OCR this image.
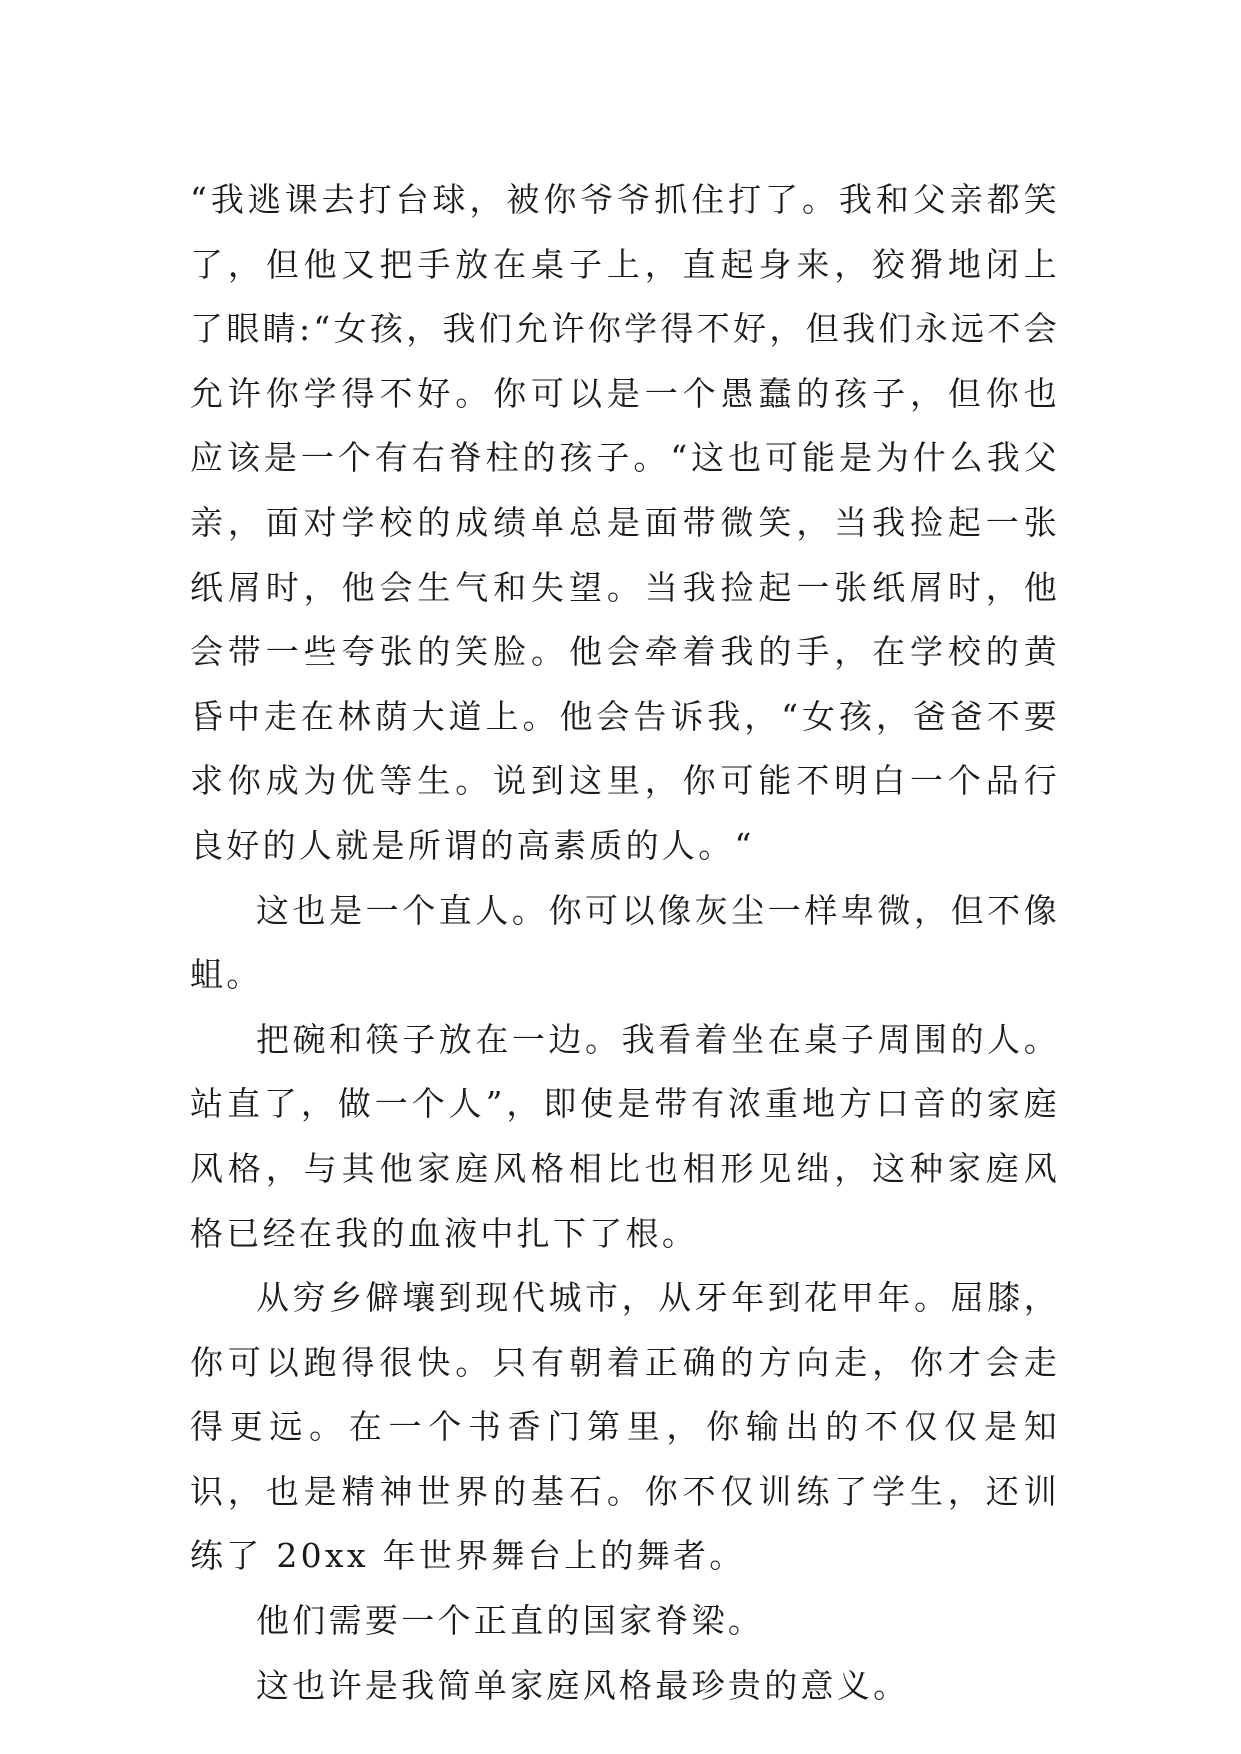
“我逃课去打台球，被你爷爷抓住打了。我和父亲都笑了，但他又把手放在桌子上，直起身来，狡猾地闭上了眼睛:“女孩，我们允许你学得不好，但我们永远不会允许你学得不好。你可以是一个愚蠢的孩子，但你也应该是一个有右脊柱的孩子。“这也可能是为什么我父亲，面对学校的成绩单总是面带微笑，当我捡起一张纸屑时，他会生气和失望。当我捡起一张纸屑时，他会带一些夸张的笑脸。他会牵着我的手，在学校的黄昏中走在林荫大道上。他会告诉我，“女孩，爸爸不要求你成为优等生。说到这里，你可能不明白一个品行良好的人就是所谓的高素质的人。“

这也是一个直人。你可以像灰尘一样卑微，但不像蛆。

把碗和筷子放在一边。我看着坐在桌子周围的人。站直了，做一个人”，即使是带有浓重地方口音的家庭风格，与其他家庭风格相比也相形见绌，这种家庭风格已经在我的血液中扎下了根。

从穷乡僻壤到现代城市，从牙年到花甲年。屈膝，你可以跑得很快。只有朝着正确的方向走，你才会走得更远。在一个书香门第里，你输出的不仅仅是知识，也是精神世界的基石。你不仅训练了学生，还训练了 20xx 年世界舞台上的舞者。

他们需要一个正直的国家脊梁。

这也许是我简单家庭风格最珍贵的意义。
